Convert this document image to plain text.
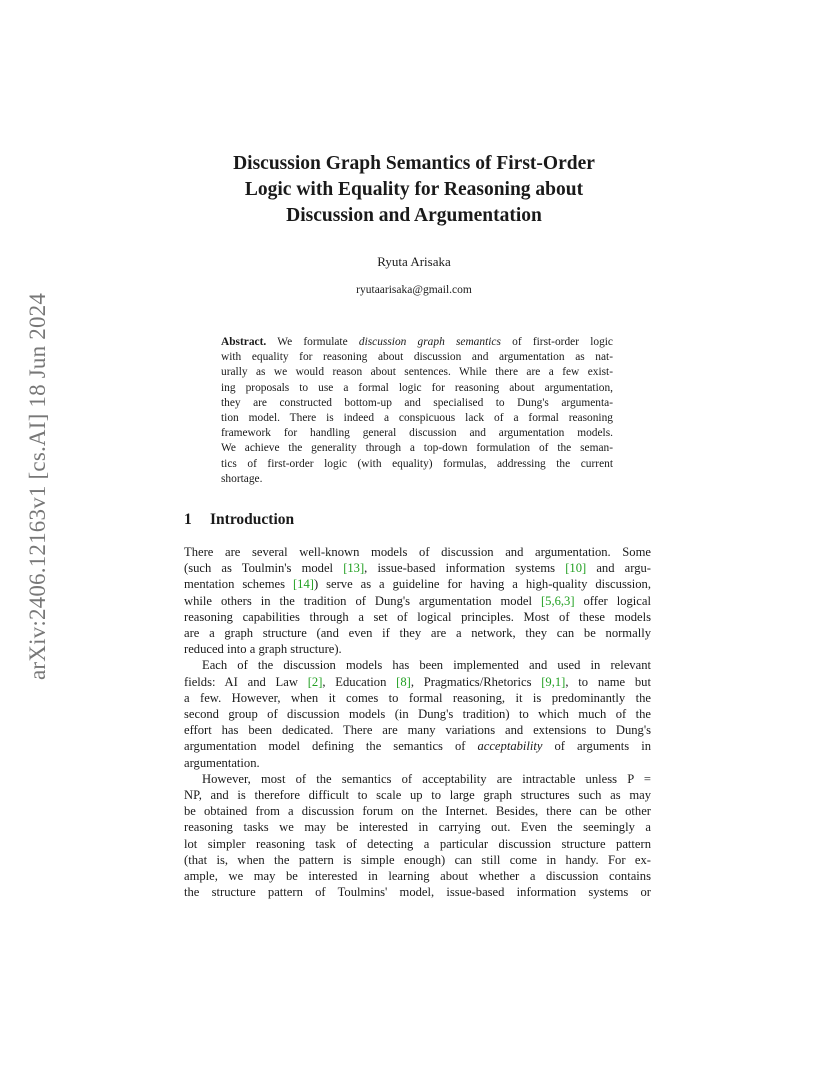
arXiv:2406.12163v1 [cs.AI] 18 Jun 2024
Discussion Graph Semantics of First-Order
Logic with Equality for Reasoning about
Discussion and Argumentation
Ryuta Arisaka
ryutaarisaka@gmail.com
Abstract. We formulate discussion graph semantics of first-order logic
with equality for reasoning about discussion and argumentation as nat-
urally as we would reason about sentences. While there are a few exist-
ing proposals to use a formal logic for reasoning about argumentation,
they are constructed bottom-up and specialised to Dung's argumenta-
tion model. There is indeed a conspicuous lack of a formal reasoning
framework for handling general discussion and argumentation models.
We achieve the generality through a top-down formulation of the seman-
tics of first-order logic (with equality) formulas, addressing the current
shortage.
1 Introduction
There are several well-known models of discussion and argumentation. Some
(such as Toulmin's model [13], issue-based information systems [10] and argu-
mentation schemes [14]) serve as a guideline for having a high-quality discussion,
while others in the tradition of Dung's argumentation model [5,6,3] offer logical
reasoning capabilities through a set of logical principles. Most of these models
are a graph structure (and even if they are a network, they can be normally
reduced into a graph structure).
Each of the discussion models has been implemented and used in relevant
fields: AI and Law [2], Education [8], Pragmatics/Rhetorics [9,1], to name but
a few. However, when it comes to formal reasoning, it is predominantly the
second group of discussion models (in Dung's tradition) to which much of the
effort has been dedicated. There are many variations and extensions to Dung's
argumentation model defining the semantics of acceptability of arguments in
argumentation.
However, most of the semantics of acceptability are intractable unless P =
NP, and is therefore difficult to scale up to large graph structures such as may
be obtained from a discussion forum on the Internet. Besides, there can be other
reasoning tasks we may be interested in carrying out. Even the seemingly a
lot simpler reasoning task of detecting a particular discussion structure pattern
(that is, when the pattern is simple enough) can still come in handy. For ex-
ample, we may be interested in learning about whether a discussion contains
the structure pattern of Toulmins' model, issue-based information systems or
